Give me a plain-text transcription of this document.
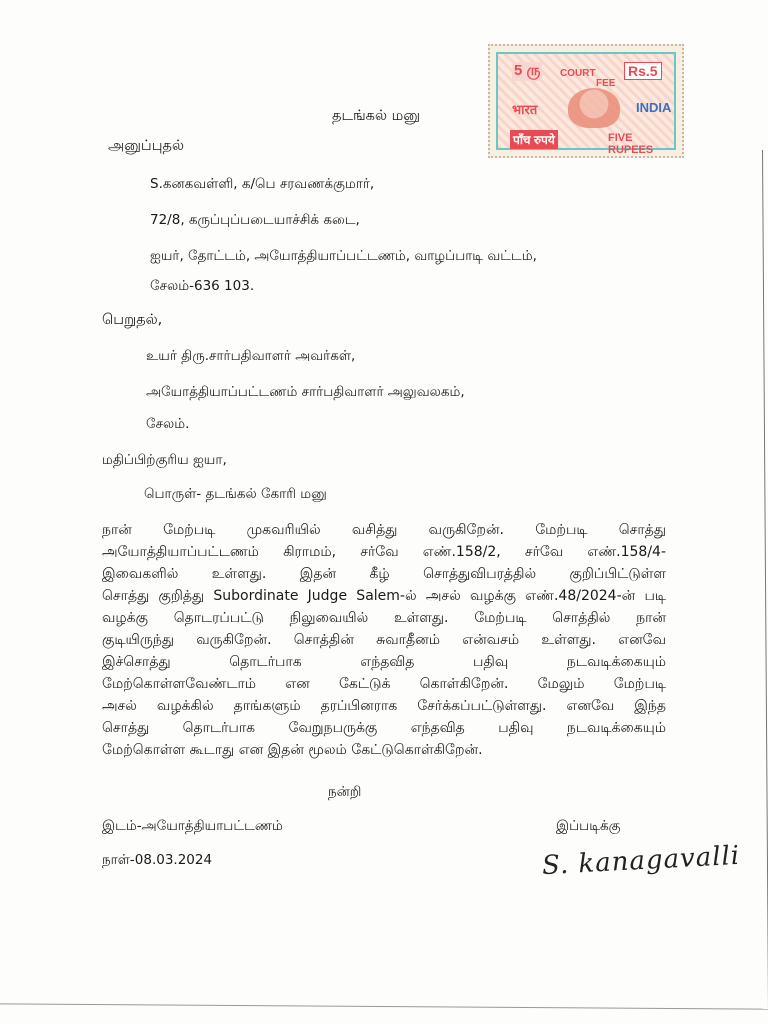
5 ரு COURT
FEE
Rs.5
भारत	INDIA
पाँच रुपये	FIVE RUPEES
தடங்கல் மனு
அனுப்புதல்
S.கனகவள்ளி, க/பெ சரவணக்குமார்,
72/8, கருப்புப்படையாச்சிக் கடை,
ஐயர், தோட்டம், அயோத்தியாப்பட்டணம், வாழப்பாடி வட்டம்,
சேலம்-636 103.
பெறுதல்,
உயர் திரு.சார்பதிவாளர் அவர்கள்,
அயோத்தியாப்பட்டணம் சார்பதிவாளர் அலுவலகம்,
சேலம்.
மதிப்பிற்குரிய ஐயா,
பொருள்- தடங்கல் கோரி மனு
நான் மேற்படி முகவரியில் வசித்து வருகிறேன். மேற்படி சொத்து
அயோத்தியாப்பட்டணம் கிராமம், சர்வே எண்.158/2, சர்வே எண்.158/4-
இவைகளில் உள்ளது. இதன் கீழ் சொத்துவிபரத்தில் குறிப்பிட்டுள்ள
சொத்து குறித்து Subordinate Judge Salem-ல் அசல் வழக்கு எண்.48/2024-ன் படி
வழக்கு தொடரப்பட்டு நிலுவையில் உள்ளது. மேற்படி சொத்தில் நான்
குடியிருந்து வருகிறேன். சொத்தின் சுவாதீனம் என்வசம் உள்ளது. எனவே
இச்சொத்து தொடர்பாக எந்தவித பதிவு நடவடிக்கையும்
மேற்கொள்ளவேண்டாம் என கேட்டுக் கொள்கிறேன். மேலும் மேற்படி
அசல் வழக்கில் தாங்களும் தரப்பினராக சேர்க்கப்பட்டுள்ளது. எனவே இந்த
சொத்து தொடர்பாக வேறுநபருக்கு எந்தவித பதிவு நடவடிக்கையும்
மேற்கொள்ள கூடாது என இதன் மூலம் கேட்டுகொள்கிறேன்.
நன்றி
இடம்-அயோத்தியாபட்டணம்	இப்படிக்கு
நாள்-08.03.2024	S. kanagavalli
